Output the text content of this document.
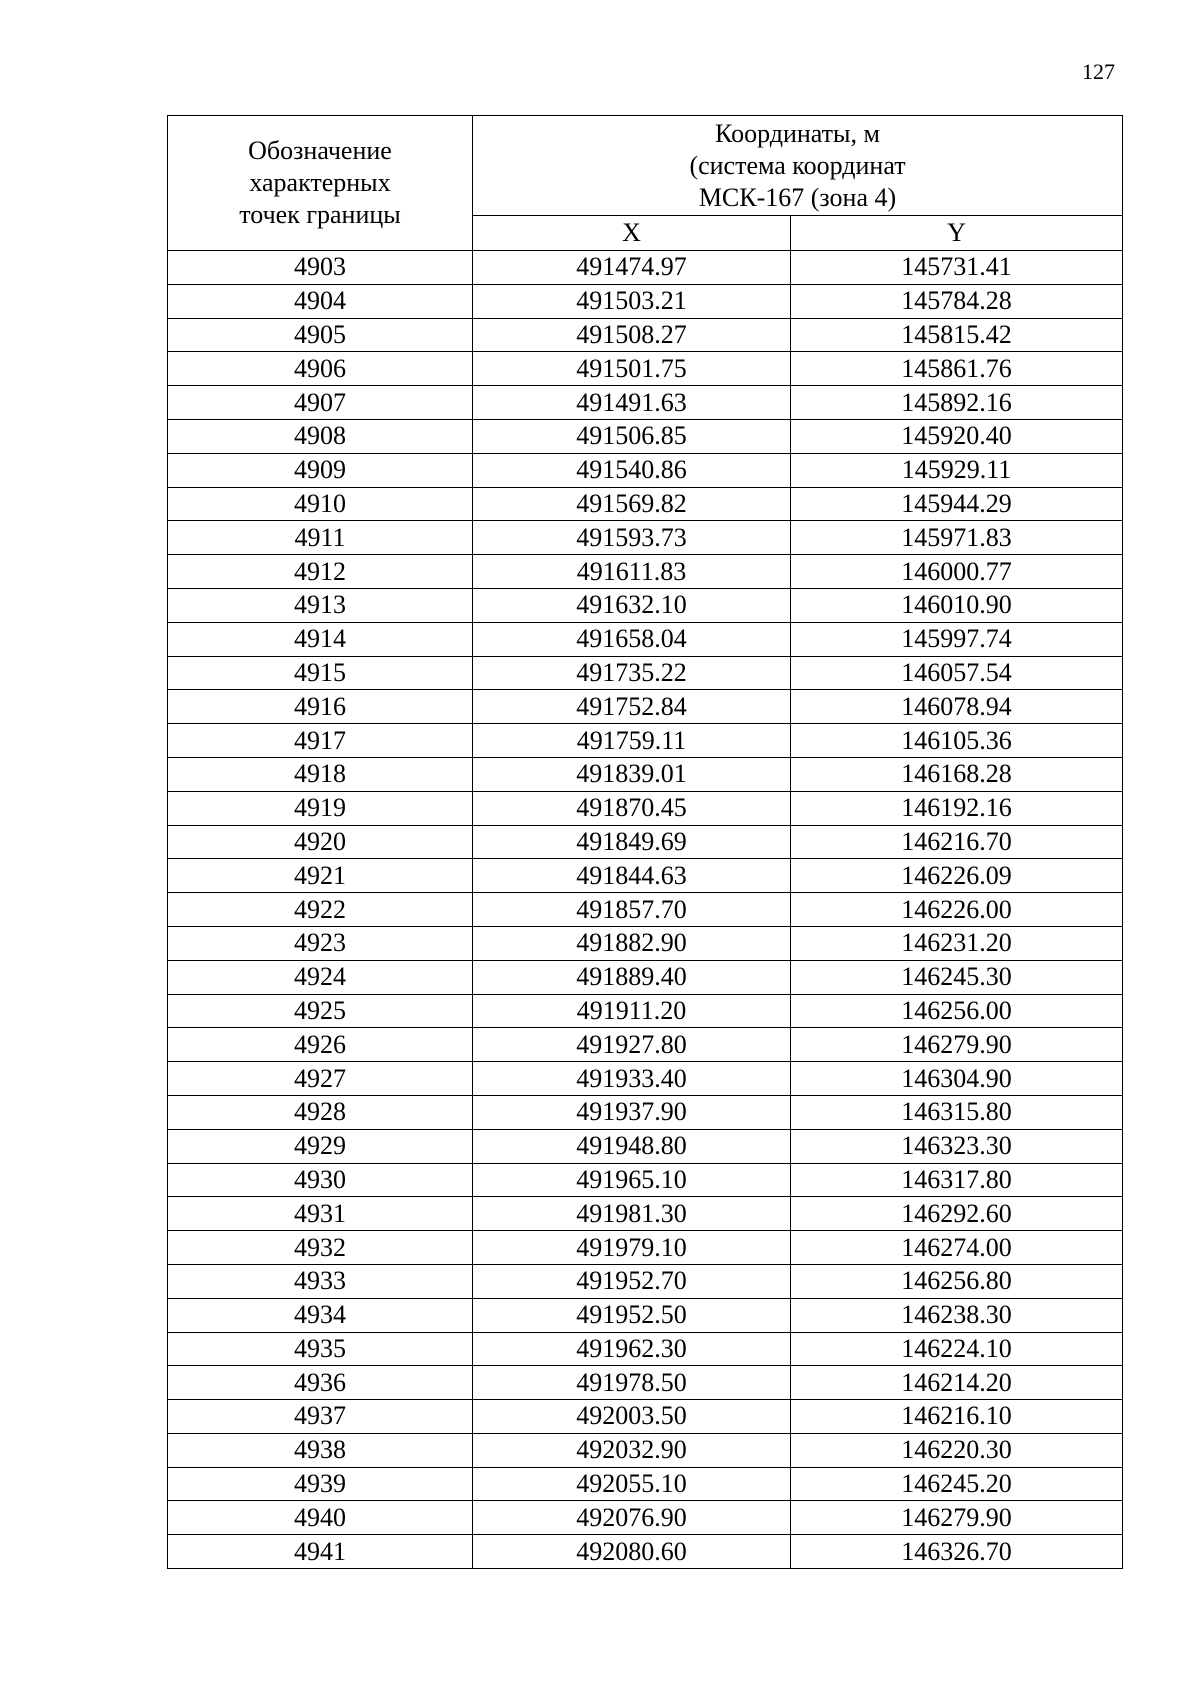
127
Обозначение
характерных
точек границы	Координаты, м
(система координат
МСК-167 (зона 4)	

	X	Y
4903	491474.97	145731.41
4904	491503.21	145784.28
4905	491508.27	145815.42
4906	491501.75	145861.76
4907	491491.63	145892.16
4908	491506.85	145920.40
4909	491540.86	145929.11
4910	491569.82	145944.29
4911	491593.73	145971.83
4912	491611.83	146000.77
4913	491632.10	146010.90
4914	491658.04	145997.74
4915	491735.22	146057.54
4916	491752.84	146078.94
4917	491759.11	146105.36
4918	491839.01	146168.28
4919	491870.45	146192.16
4920	491849.69	146216.70
4921	491844.63	146226.09
4922	491857.70	146226.00
4923	491882.90	146231.20
4924	491889.40	146245.30
4925	491911.20	146256.00
4926	491927.80	146279.90
4927	491933.40	146304.90
4928	491937.90	146315.80
4929	491948.80	146323.30
4930	491965.10	146317.80
4931	491981.30	146292.60
4932	491979.10	146274.00
4933	491952.70	146256.80
4934	491952.50	146238.30
4935	491962.30	146224.10
4936	491978.50	146214.20
4937	492003.50	146216.10
4938	492032.90	146220.30
4939	492055.10	146245.20
4940	492076.90	146279.90
4941	492080.60	146326.70
